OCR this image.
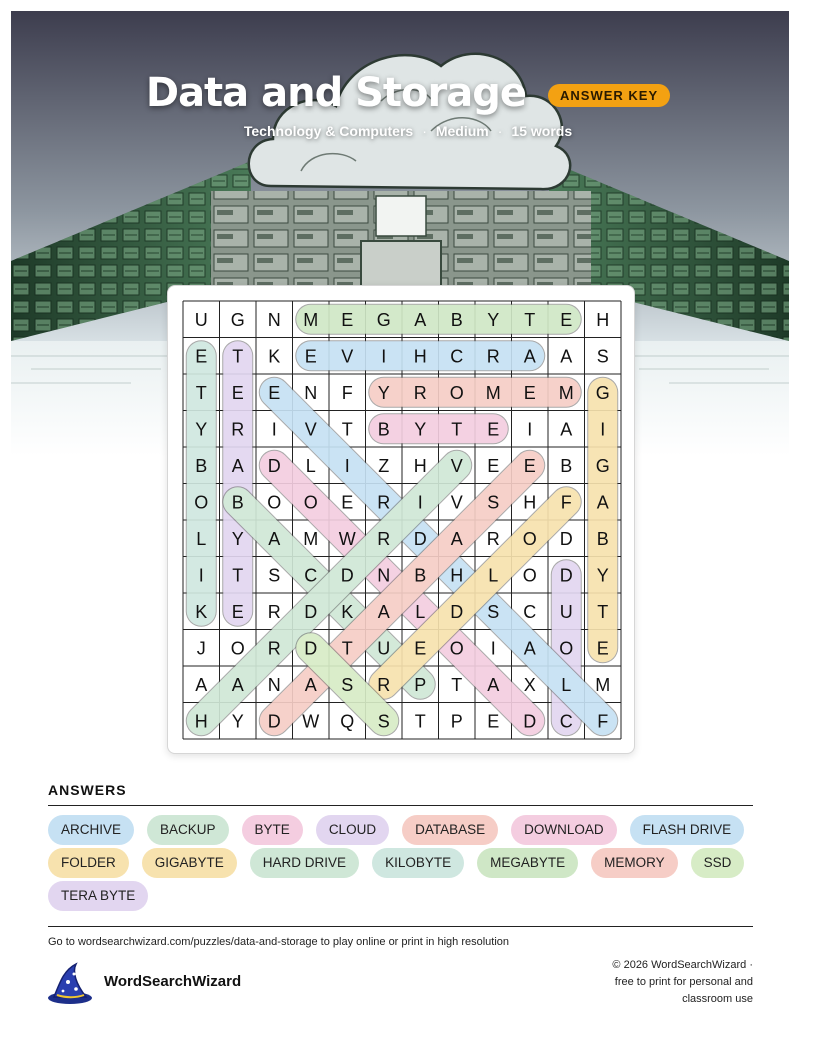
Data and Storage	ANSWER KEY
Technology & Computers · Medium · 15 words
U G N M E G A B Y T E H
E T K E V I H C R A A S
T E E N F Y R O M E M G
Y R I V T B Y T E I A I
B A D L I Z H V E E B G
O B O O E R I V S H F A
L Y A M W R D A R O D B
I T S C D N B H L O D Y
K E R D K A L D S C U T
J O R D T U E O I A O E
A A N A S R P T A X L M
H Y D W Q S T P E D C F
ANSWERS
ARCHIVE	BACKUP	BYTE	CLOUD	DATABASE	DOWNLOAD	FLASH DRIVE
FOLDER	GIGABYTE	HARD DRIVE	KILOBYTE	MEGABYTE	MEMORY	SSD
TERA BYTE
Go to wordsearchwizard.com/puzzles/data-and-storage to play online or print in high resolution
WordSearchWizard
© 2026 WordSearchWizard ·
free to print for personal and
classroom use
